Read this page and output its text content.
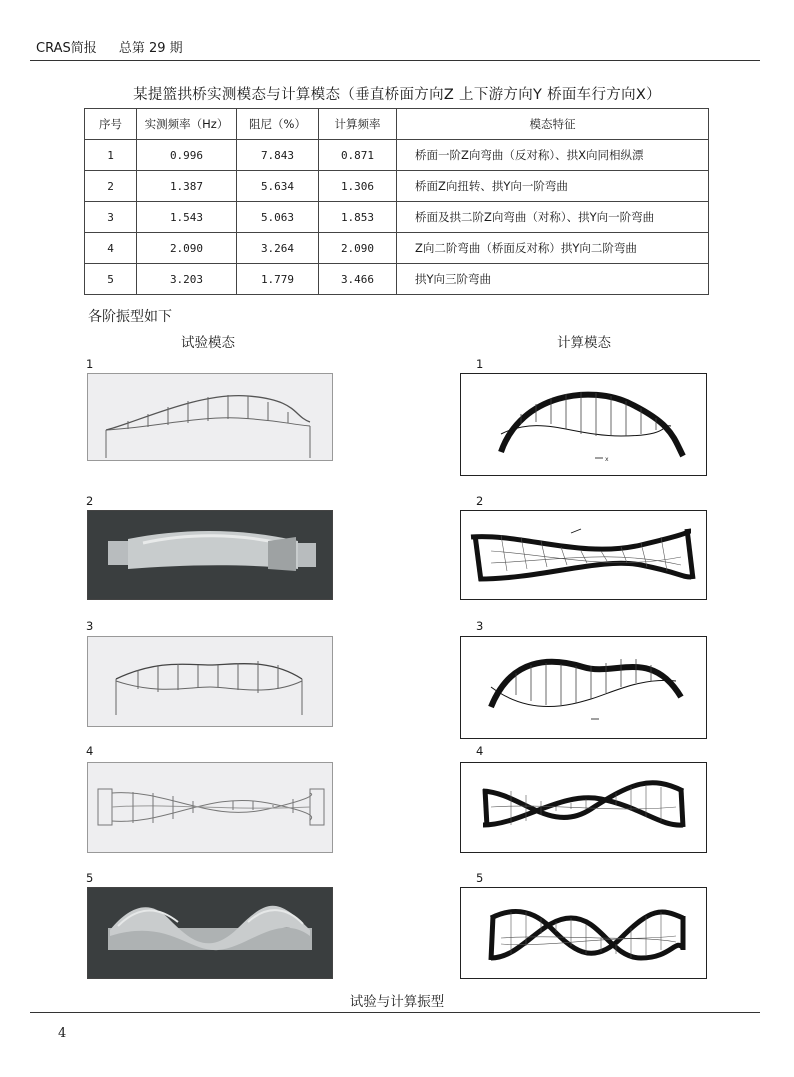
CRAS简报 总第 29 期
某提篮拱桥实测模态与计算模态（垂直桥面方向Z 上下游方向Y 桥面车行方向X）
序号	实测频率（Hz）	阻尼（%）	计算频率	模态特征
1	0.996	7.843	0.871	桥面一阶Z向弯曲（反对称）、拱X向同相纵漂
2	1.387	5.634	1.306	桥面Z向扭转、拱Y向一阶弯曲
3	1.543	5.063	1.853	桥面及拱二阶Z向弯曲（对称）、拱Y向一阶弯曲
4	2.090	3.264	2.090	Z向二阶弯曲（桥面反对称）拱Y向二阶弯曲
5	3.203	1.779	3.466	拱Y向三阶弯曲
各阶振型如下
试验模态	计算模态
1
2
3
4
5
1
2
3
4
5
x
试验与计算振型
4
